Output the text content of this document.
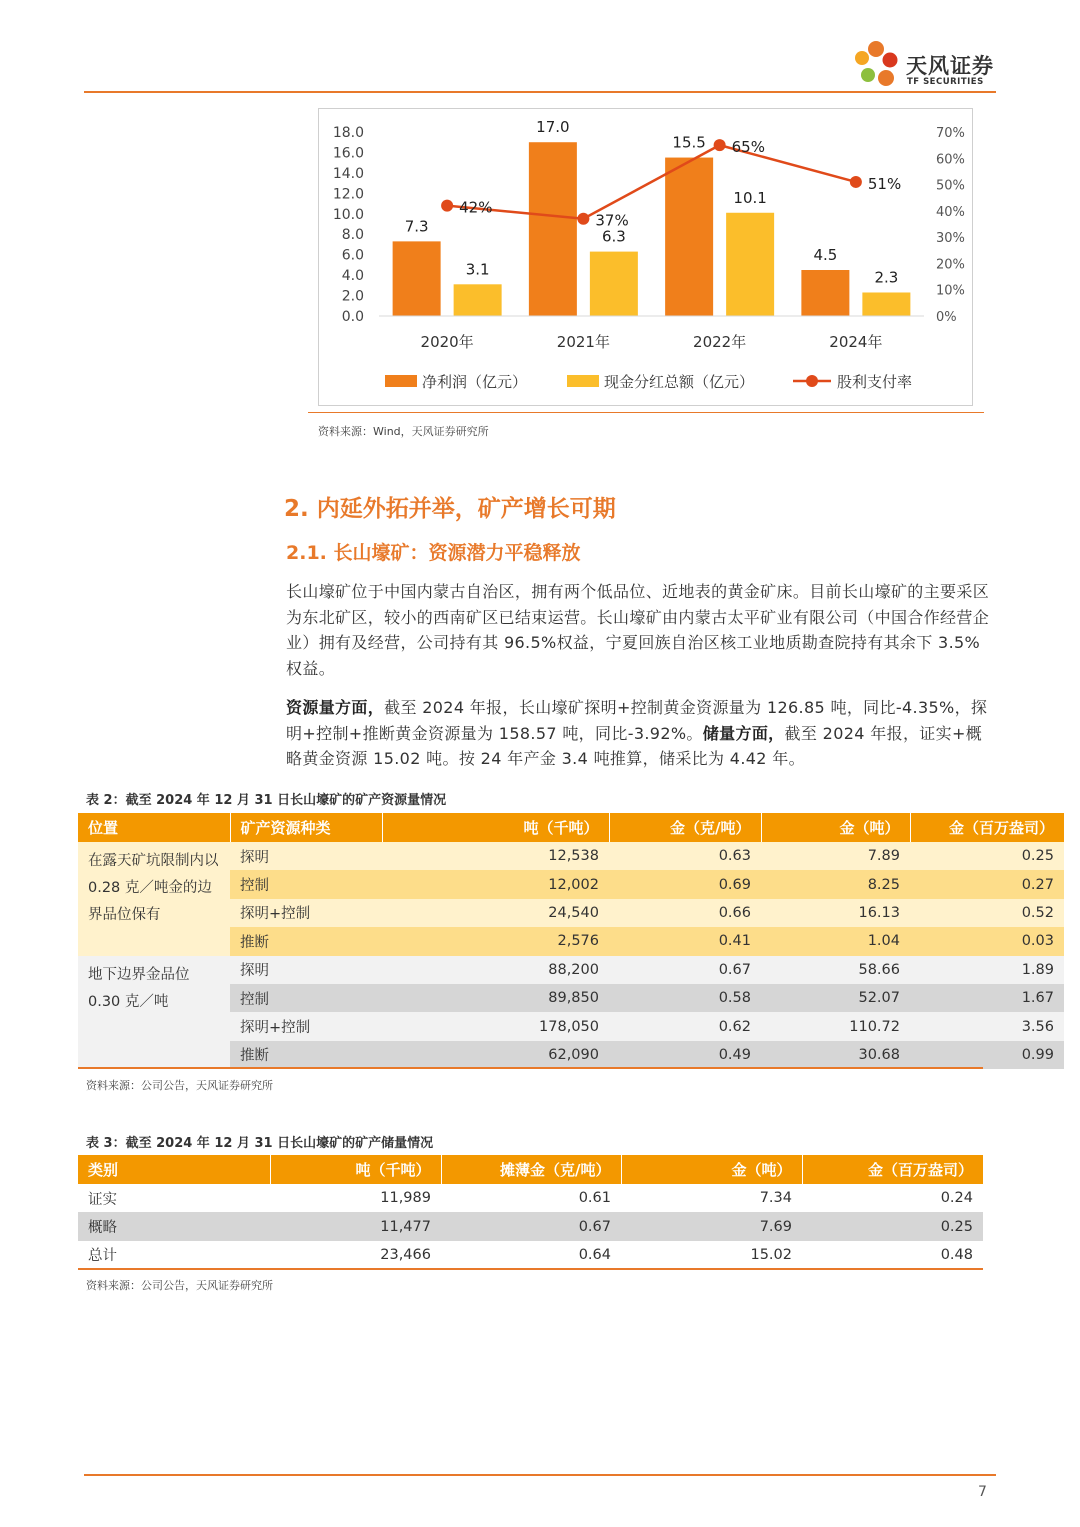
天风证券
TF SECURITIES
0.0
2.0
4.0
6.0
8.0
10.0
12.0
14.0
16.0
18.0
0%
10%
20%
30%
40%
50%
60%
70%
7.3
3.1
2020年
17.0
6.3
2021年
15.5
10.1
2022年
4.5
2.3
2024年
42%
37%
65%
51%
净利润（亿元）	现金分红总额（亿元）	股利支付率
资料来源：Wind，天风证券研究所
2. 内延外拓并举，矿产增长可期
2.1. 长山壕矿：资源潜力平稳释放
长山壕矿位于中国内蒙古自治区，拥有两个低品位、近地表的黄金矿床。目前长山壕矿的主要采区为东北矿区，较小的西南矿区已结束运营。长山壕矿由内蒙古太平矿业有限公司（中国合作经营企业）拥有及经营，公司持有其 96.5%权益，宁夏回族自治区核工业地质勘查院持有其余下 3.5%权益。
资源量方面，截至 2024 年报，长山壕矿探明+控制黄金资源量为 126.85 吨，同比-4.35%，探明+控制+推断黄金资源量为 158.57 吨，同比-3.92%。储量方面，截至 2024 年报，证实+概略黄金资源 15.02 吨。按 24 年产金 3.4 吨推算，储采比为 4.42 年。
表 2：截至 2024 年 12 月 31 日长山壕矿的矿产资源量情况
位置	矿产资源种类	吨（千吨）	金（克/吨）	金（吨）	金（百万盎司）
在露天矿坑限制内以 0.28 克／吨金的边界品位保有	探明	12,538	0.63	7.89	0.25
	控制	12,002	0.69	8.25	0.27
	探明+控制	24,540	0.66	16.13	0.52
	推断	2,576	0.41	1.04	0.03
地下边界金品位 0.30 克／吨	探明	88,200	0.67	58.66	1.89
	控制	89,850	0.58	52.07	1.67
	探明+控制	178,050	0.62	110.72	3.56
	推断	62,090	0.49	30.68	0.99
资料来源：公司公告，天风证券研究所
表 3：截至 2024 年 12 月 31 日长山壕矿的矿产储量情况
类别	吨（千吨）	摊薄金（克/吨）	金（吨）	金（百万盎司）
证实	11,989	0.61	7.34	0.24
概略	11,477	0.67	7.69	0.25
总计	23,466	0.64	15.02	0.48
资料来源：公司公告，天风证券研究所
7
